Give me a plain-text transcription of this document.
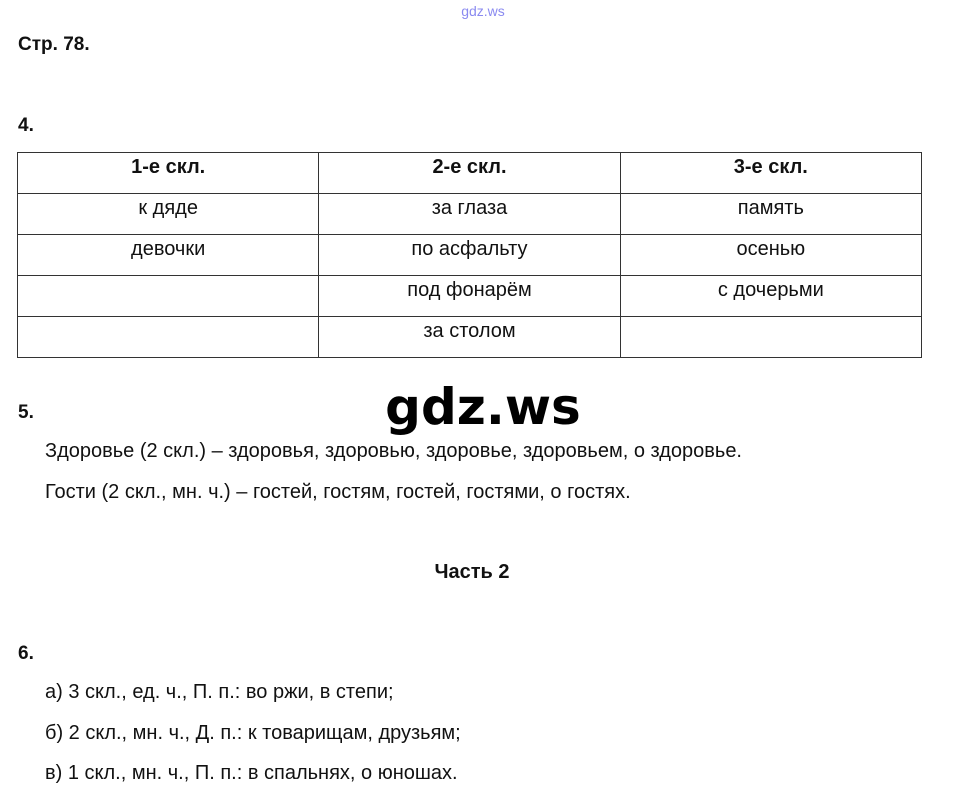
gdz.ws
Стр. 78.
4.
1-е скл.	2-е скл.	3-е скл.
к дяде	за глаза	память
девочки	по асфальту	осенью
	под фонарём	с дочерьми
	за столом	
5.	gdz.ws
Здоровье (2 скл.) – здоровья, здоровью, здоровье, здоровьем, о здоровье.
Гости (2 скл., мн. ч.) – гостей, гостям, гостей, гостями, о гостях.
Часть 2
6.
а) 3 скл., ед. ч., П. п.: во ржи, в степи;
б) 2 скл., мн. ч., Д. п.: к товарищам, друзьям;
в) 1 скл., мн. ч., П. п.: в спальнях, о юношах.
